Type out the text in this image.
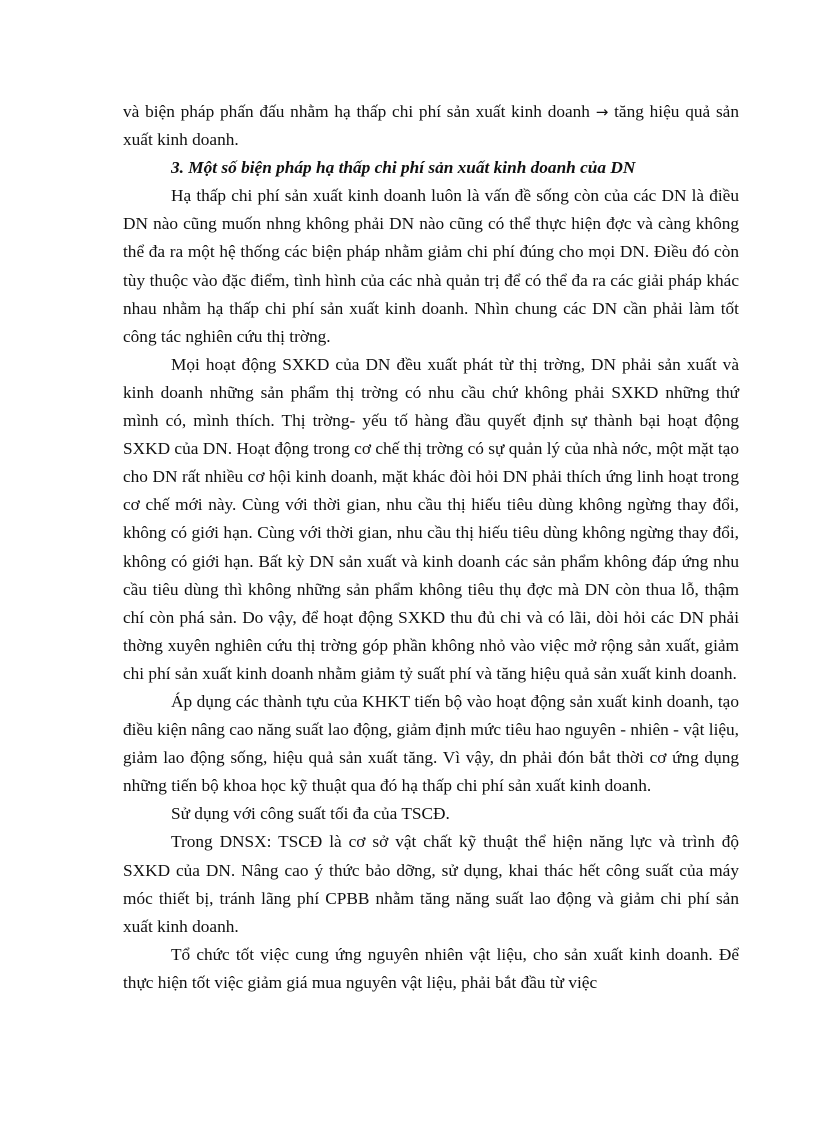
và biện pháp phấn đấu nhằm hạ thấp chi phí sản xuất kinh doanh → tăng hiệu quả sản xuất kinh doanh.

3. Một số biện pháp hạ thấp chi phí sản xuất kinh doanh của DN

Hạ thấp chi phí sản xuất kinh doanh luôn là vấn đề sống còn của các DN là điều DN nào cũng muốn nhng không phải DN nào cũng có thể thực hiện đợc và càng không thể đa ra một hệ thống các biện pháp nhằm giảm chi phí đúng cho mọi DN. Điều đó còn tùy thuộc vào đặc điểm, tình hình của các nhà quản trị để có thể đa ra các giải pháp khác nhau nhằm hạ thấp chi phí sản xuất kinh doanh. Nhìn chung các DN cần phải làm tốt công tác nghiên cứu thị trờng.

Mọi hoạt động SXKD của DN đều xuất phát từ thị trờng, DN phải sản xuất và kinh doanh những sản phẩm thị trờng có nhu cầu chứ không phải SXKD những thứ mình có, mình thích. Thị trờng- yếu tố hàng đầu quyết định sự thành bại hoạt động SXKD của DN. Hoạt động trong cơ chế thị trờng có sự quản lý của nhà nớc, một mặt tạo cho DN rất nhiều cơ hội kinh doanh, mặt khác đòi hỏi DN phải thích ứng linh hoạt trong cơ chế mới này. Cùng với thời gian, nhu cầu thị hiếu tiêu dùng không ngừng thay đổi, không có giới hạn. Cùng với thời gian, nhu cầu thị hiếu tiêu dùng không ngừng thay đổi, không có giới hạn. Bất kỳ DN sản xuất và kinh doanh các sản phẩm không đáp ứng nhu cầu tiêu dùng thì không những sản phẩm không tiêu thụ đợc mà DN còn thua lỗ, thậm chí còn phá sản. Do vậy, để hoạt động SXKD thu đủ chi và có lãi, dòi hỏi các DN phải thờng xuyên nghiên cứu thị trờng góp phần không nhỏ vào việc mở rộng sản xuất, giảm chi phí sản xuất kinh doanh nhằm giảm tỷ suất phí và tăng hiệu quả sản xuất kinh doanh.

Áp dụng các thành tựu của KHKT tiến bộ vào hoạt động sản xuất kinh doanh, tạo điều kiện nâng cao năng suất lao động, giảm định mức tiêu hao nguyên - nhiên - vật liệu, giảm lao động sống, hiệu quả sản xuất tăng. Vì vậy, dn phải đón bắt thời cơ ứng dụng những tiến bộ khoa học kỹ thuật qua đó hạ thấp chi phí sản xuất kinh doanh.

Sử dụng với công suất tối đa của TSCĐ.

Trong DNSX: TSCĐ là cơ sở vật chất kỹ thuật thể hiện năng lực và trình độ SXKD của DN. Nâng cao ý thức bảo dỡng, sử dụng, khai thác hết công suất của máy móc thiết bị, tránh lãng phí CPBB nhằm tăng năng suất lao động và giảm chi phí sản xuất kinh doanh.

Tổ chức tốt việc cung ứng nguyên nhiên vật liệu, cho sản xuất kinh doanh. Để thực hiện tốt việc giảm giá mua nguyên vật liệu, phải bắt đầu từ việc
